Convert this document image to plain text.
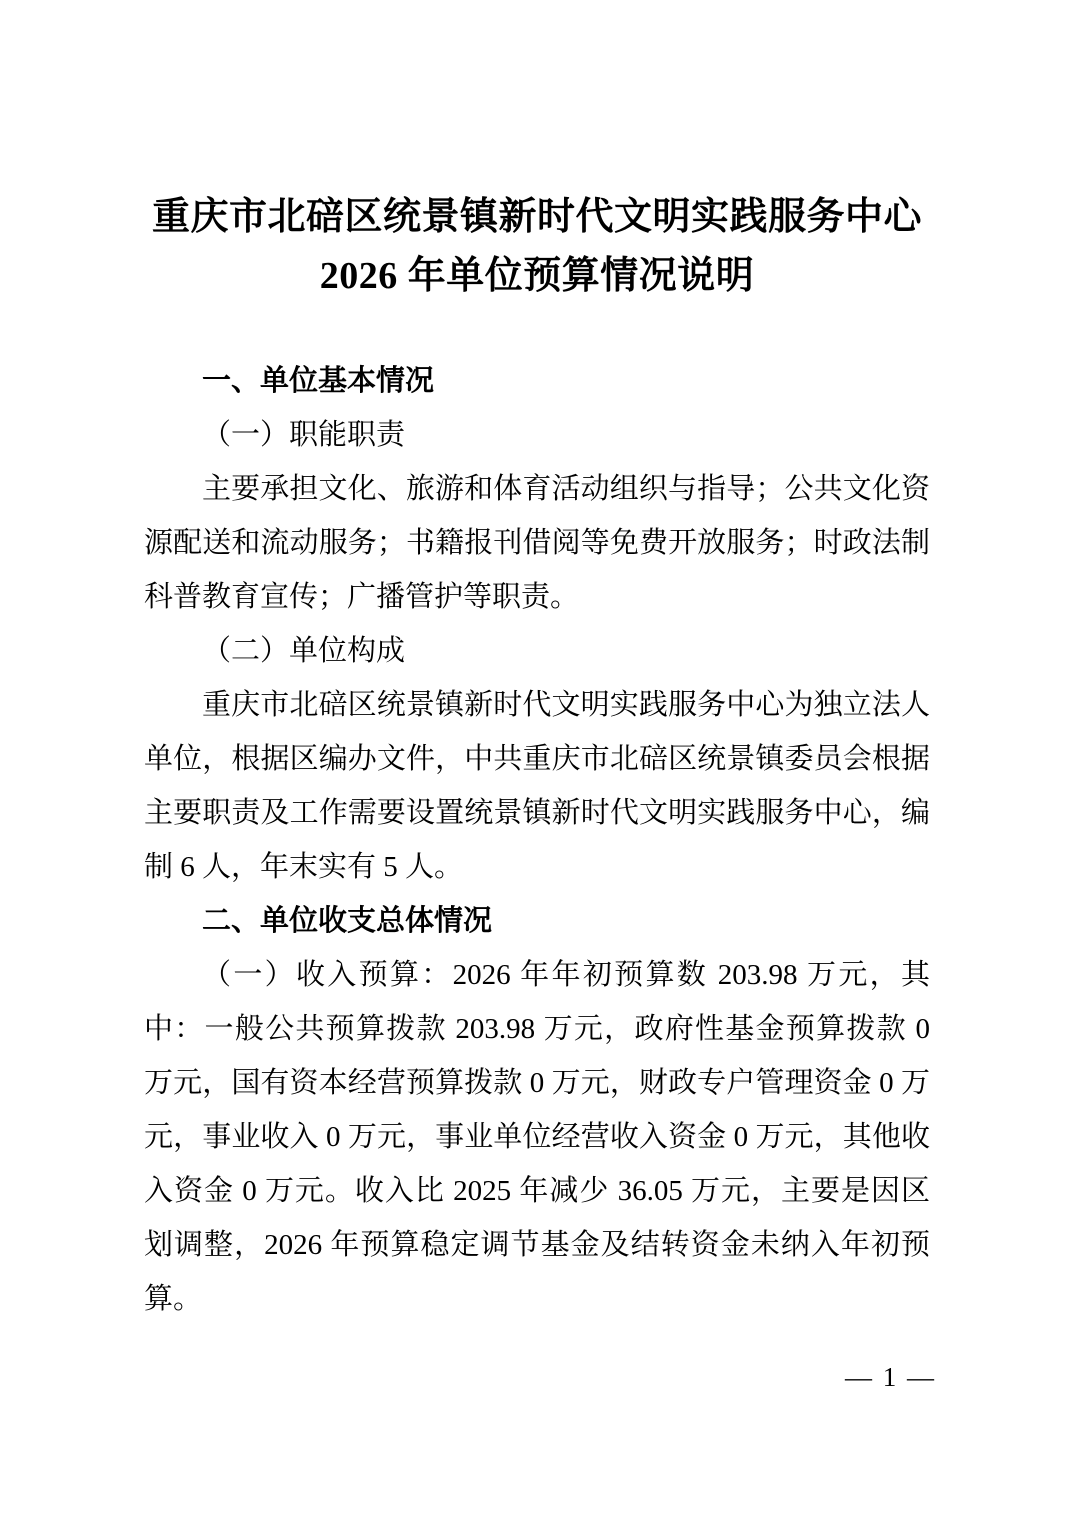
重庆市北碚区统景镇新时代文明实践服务中心
2026 年单位预算情况说明
一、单位基本情况
（一）职能职责

主要承担文化、旅游和体育活动组织与指导；公共文化资源配送和流动服务；书籍报刊借阅等免费开放服务；时政法制科普教育宣传；广播管护等职责。

（二）单位构成

重庆市北碚区统景镇新时代文明实践服务中心为独立法人单位，根据区编办文件，中共重庆市北碚区统景镇委员会根据主要职责及工作需要设置统景镇新时代文明实践服务中心，编制 6 人，年末实有 5 人。

二、单位收支总体情况

（一）收入预算：2026 年年初预算数 203.98 万元，其中：一般公共预算拨款 203.98 万元，政府性基金预算拨款 0 万元，国有资本经营预算拨款 0 万元，财政专户管理资金 0 万元，事业收入 0 万元，事业单位经营收入资金 0 万元，其他收入资金 0 万元。收入比 2025 年减少 36.05 万元，主要是因区划调整，2026 年预算稳定调节基金及结转资金未纳入年初预算。

— 1 —
